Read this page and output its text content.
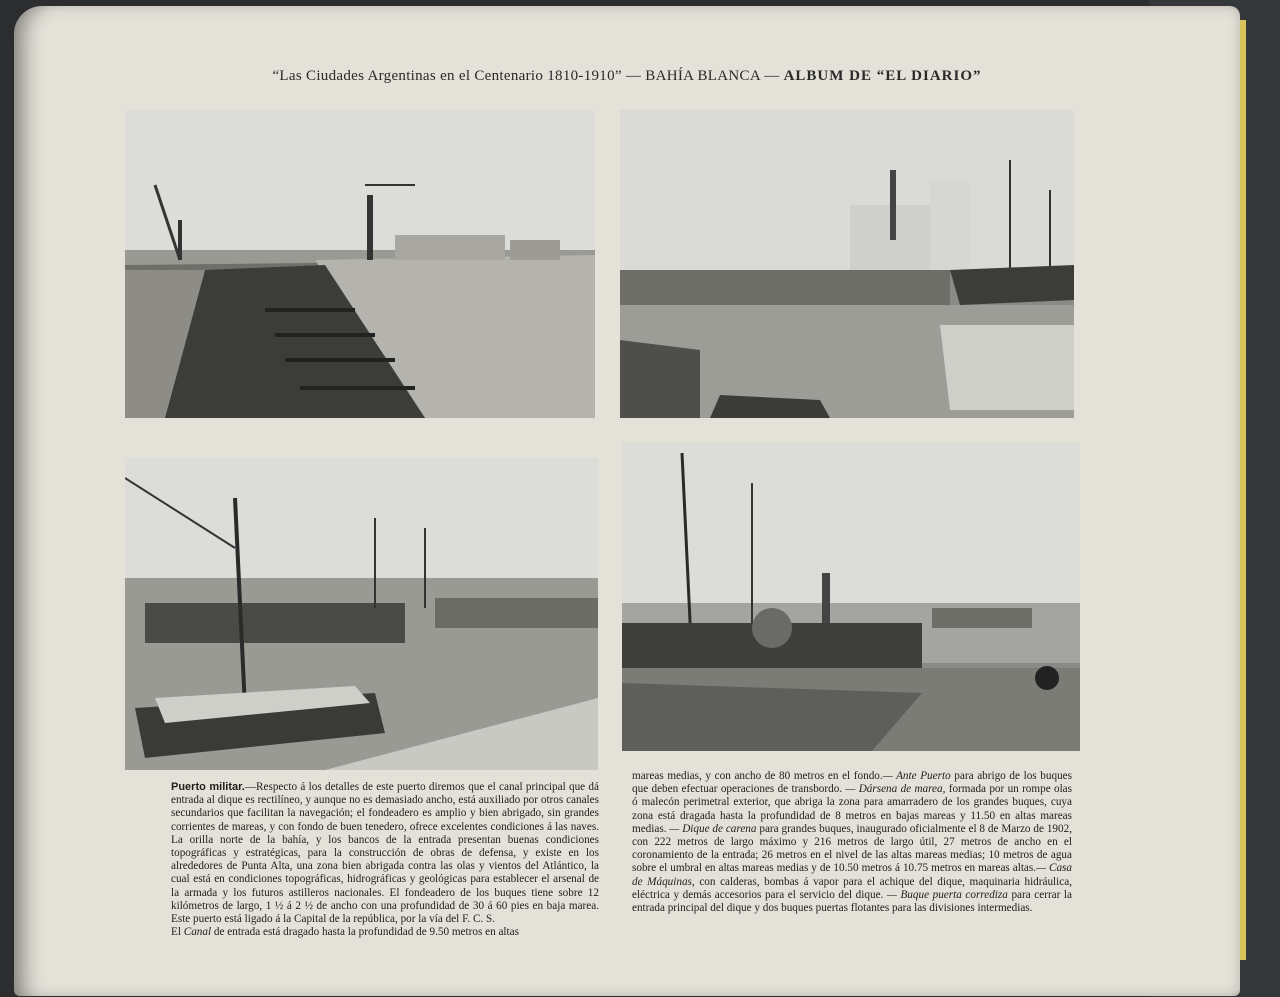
“Las Ciudades Argentinas en el Centenario 1810-1910” — BAHÍA BLANCA — ALBUM DE “EL DIARIO”

Puerto militar.—Respecto á los detalles de este puerto diremos que el canal principal que dá entrada al dique es rectilíneo, y aunque no es demasiado ancho, está auxiliado por otros canales secundarios que facilitan la navegación; el fondeadero es amplio y bien abrigado, sin grandes corrientes de mareas, y con fondo de buen tenedero, ofrece excelentes condiciones á las naves. La orilla norte de la bahía, y los bancos de la entrada presentan buenas condiciones topográficas y estratégicas, para la construcción de obras de defensa, y existe en los alrededores de Punta Alta, una zona bien abrigada contra las olas y vientos del Atlántico, la cual está en condiciones topográficas, hidrográficas y geológicas para establecer el arsenal de la armada y los futuros astilleros nacionales. El fondeadero de los buques tiene sobre 12 kilómetros de largo, 1 ½ á 2 ½ de ancho con una profundidad de 30 á 60 pies en baja marea. Este puerto está ligado á la Capital de la república, por la vía del F. C. S.

El Canal de entrada está dragado hasta la profundidad de 9.50 metros en altas

mareas medias, y con ancho de 80 metros en el fondo.— Ante Puerto para abrigo de los buques que deben efectuar operaciones de transbordo. — Dársena de marea, formada por un rompe olas ó malecón perimetral exterior, que abriga la zona para amarradero de los grandes buques, cuya zona está dragada hasta la profundidad de 8 metros en bajas mareas y 11.50 en altas mareas medias. — Dique de carena para grandes buques, inaugurado oficialmente el 8 de Marzo de 1902, con 222 metros de largo máximo y 216 metros de largo útil, 27 metros de ancho en el coronamiento de la entrada; 26 metros en el nivel de las altas mareas medias; 10 metros de agua sobre el umbral en altas mareas medias y de 10.50 metros á 10.75 metros en mareas altas.— Casa de Máquinas, con calderas, bombas á vapor para el achique del dique, maquinaria hidráulica, eléctrica y demás accesorios para el servicio del dique. — Buque puerta corrediza para cerrar la entrada principal del dique y dos buques puertas flotantes para las divisiones intermedias.
